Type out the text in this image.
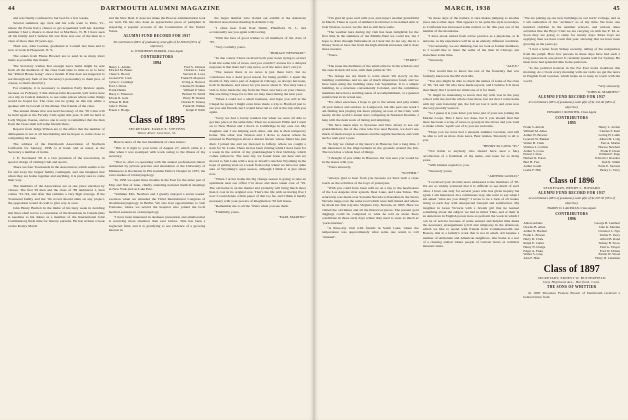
44	DARTMOUTH ALUMNI MAGAZINE

and was finally confessed to her bed for a few weeks.

Several summers ago Jack and his wife went to Paris, Vt., where the Evans had a chance to get acquainted with her. Another summer I had a chance to meet her at Marlboro, N. H. I have seen all his family and I believe his son Nate was one of the men in a class of more than 20 years ago.

Their son, John Gordon, graduated at Cornell last June and is now at work in Hopewell, N. Y.

The orders from Filene Howard are to send in as many short items as possible this month.

The Secretary wishes that enough news items might be sent from all the members of the class from time to time so as to have the “Pallett House Gang” once a month. If that does not happen it is not through any fault of the Secretary’s personality to them (not, of course, to theirs directly!).

For example, it is necessary to mention Early Review again, because on February 3 that almost-faint Roosevelt will arrive here on a trip in Central America, to see some places where some things would be hoped for. The class can be going on this trip while a speaker will be Lowell of the dinner. The friends of the class.

The annual dinner that was held Secretary of the ’95 Class will be held again at the Faculty Club again this year. It will be held at Lady Slipper, Keene, and no one is sorry to remember that the man from the Class shall tell some friends there.

Reports from Judge Wilson are to the effect that the number of delinquents is not at all bewildering and he hopes to come close to completing his task.

The address of the Dartmouth Association of Northern California for January, 1938, is at hand, and as usual, at the Secretary a number of items.

J. E. Townsend ’95 is a vice president of the association, in special charge of visiting Club and sports.

There are four Townsends in the Association, which seems to be far and away the largest family contingent, and one imagines that when they are home together and anything, it is pretty sure to come their way.

The members of the Association are as one place enrolled by classes. The first 39 men and the class of ’89 numbered 1, then comes ’91-’94, and after that remains a very high average. If the Townsend family and the ’94 crowd should unite on any project, the opposition would do well to give way at once.

John Henry Bartlett in the midst of his busy week in deciding that there shall not be a convention of the Rotarians in Canada (this is needless to his duties as a member of the International Joint Commission) finds time for literary pursuits. He has written a book on the Rotary Match

and the New Deal. It does not make the Hoover administration look too well. He has also done an appreciative piece of pamphlet in preparing a popular account of the Constitution of the United States.

ALUMNI FUND RECORD FOR 1937

69 contributors (86% of graduates), total gifts of $1,506.00 (95% of objective).

G. WOODBURY PARKER, Class Agent

CONTRIBUTORS
1894
Henry L. Adams	Fred S. Johnson
Edward M. Baker	Charles L. Lane
Chase S. Brown	Stevens R. Lowe
Leonard W. Cash	Frank H. Maynard
Cyrus C. Comings	Irving A. Newton
Fred J. Davis	Charles H. Perkins
Frank Dustin	William P. Shaw
Harry C. Emerson	Herbert W. Smith
Edwin R. Gale	Harry H. Stearns
Wilson B. Hall	Charles E. Tenney
John T. Harris	Frank M. Walker
Ernest J. Hodge	Ralph P. Wells
Class of 1895
SECRETARY, EARLE E. STEVENS
White River Junction, Vt.

Here is news of the last installment of class letters:

“This is it right to your letter of August 27, which came at a time when I was swamped with work owing to the illness of my secretary.

“That is, after co-operating with the annual professional diners demanded by private practice and attendance at the University of Minnesota at Rochester in Phi Gamma Delta’s Chapter in 1937, the extra studies of Otolaryngology.

“In 1936 we spent three months in the East for the latter part of May and first of June, chiefly attending national medical meetings in New York and on Lake Erie.

“Summer Mrs. Newhart and I greatly enjoyed a seven weeks’ vacation when we attended the Third International Congress of Otorhinolaryngology in Berlin. We also had opportunities to visit Toulouse, where we served the hospital who joined the local medical sessions in otolaryngology.

“I have been interested in deafness prevention and amelioration is receiving more attention than ever before. This has been a neglected field, and it is gratifying to see evidence of a growing interest in

the larger number who visited our exhibit at the American Medical Association meeting in Atlantic City.

“I often hear from Paul Smith, Plainfield, N. J., and occasionally see you again with Loring.

“With the best of good wishes to all members of the class of ’95.

“Very cordially yours,

“HORACE NEWHART.”

“In due course I have received both your notes trying to extract from me some bits of news, and you couldn’t’ excuse for a delayed response is that there isn’t any news, so if the letter don’t carry it.

“The reason there is no news is just there isn’t, but no conscience has a dead good reason for being prolific. I spent the month of July and a part of August in Chicago, as always has been, both in business, and never let you know about it. You may take a visit to have made the trip from the West over here on your chance. But one thing I hope for is that we may meet during the next year.

“When I could not a small business, and hope you will at the Chapel he spoke I might even have made a trip to Hartford just to see you and friends, but I would have run to call at the trip with you again.

“Sorry we had a lovely reunion last when we were all able to get into place at the same time. Then we scattered. Hilda and I went on to New Haven and I drove to Cambridge in my own car. My daughter and I are helping each other, and she is their temporary home. The other was Watson and I drove to Aaron where he returned in Barrington about a distant friend, whose father has just died. I joined me and we motored to Jaffery, where we caught a train for St. Louis. There he has been visiting while I have been for a week in the arrival of my granddaughter’s first birthday, which comes tomorrow. The next day we found Jesse out here and we moved to Salt Lake with a stop at Jewell’s ranch in Wyoming in the hope of getting west on a week from today where we have not quite sure of Wyoming’s open season, although I think it is just about now.

“When I arrive home the big change season is going to take an apartment near our office I’ve more and more taken care of ’95. The old home is on the market and probably will bring much more than it cost in its original cost. That’s the life with us having five I now I could delete a little paper of that too far, and I think it hardly necessary with your powers of imagination ’95 full house.

“Remember me to all the ’95ers when you see them.

“Faithfully yours,

“EARL MARTIN.”

MARCH, 1938	45

“I’m glad all goes well with you, and expect another grandchild in March. There is a part of Amherst in October to be named Ann or Jean Watson, so now we the dad as still have some.

“The weather here during my visit has been delightful for the first time in the summers of the Middle-West we could not, but I hope to drive through Nebraska in as I hear but do not say, but in a library State at best, but from the high altitude increases and it does more sweater.

“Yours,

“TERRY.”

“The issue the members of the small elite be in the scholars and the ones in their old now, with their prime in ’95.

“No doings are not much to write about. We slowly on the building committee, and no one of much importance fared, and we have been using the building since last September. It is a simple building, in a structure conveniently Colonial, and the committee members have had a startling sense of accomplishment, or a general satisfaction in its actual use.

“For other exercises, I hope to get to the winter and play tennis all year indoor and outdoor as Longwood, but this past one week I am finding less playing but more playing on tour at the Club, with nearly all the world’s tennis stars competing in National Doubles. I help with the desk work of listing and umpiring.

“We have taken trips to Syracuse and New Jersey to see our grandchildren, but of the class who live near Boston, we don’t see much of them except at reunions and the regular luncheon, and with such a rush year a year.

“In July we visited at my niece’s in Hanover, but a long time. I am interested in the improvement in the grounds around the Inn. The town has a whole host of things.

“I thought of you while in Hanover, but was sure you would be in the house with you.

“Yours sincerely,

“SUTHER.”

“Always glad to hear from you because we have such a close touch on the activities of the boys of yesteryear.

“With you could have been with us on a trip to the headwaters of the Los Angeles river system, Deer Lake, and Lake Tahoe. The return trip was made over Sonoma Nevada to Pasadena in the Sierra Nevada range over the same road which were half mined and where he made his first trip into Virginia City, Nevada, in 1895. Here we visited the old mines and all the historical places. The present gold diggings could be compared to what he told us about there conditions in those early days where they used to wear as much as ‘pack-lunches’.

“A three-day visit with friends in South Lake, where the temperature was approximately what some one wants to call ‘unusual’.

“In these days of the trailers, it sure makes jumping to another place since other days. This appears to be quite the style nowadays, as California has increased some trailers so far this year out of the number of the mountains.

“I have about retired from active practice as a physician, or in Arizona, as my experience will be as an entirely different condition.

“Occasionally, we are thinking, but we look at former members, as I would like to meet the same of the men in Chicago and elsewhere some time.

“Sincerely,

“ALEX.”

“You would like to know the rest of the fraternity that was formerly known in the Phi Zeta Mu.

“You also might be able to check the names of some of the class of ’95, ’94 and ’96 who have made reports, and I believe it is more than likely that I would not mind one of it for them.

“It might be interesting to know that my wife was in the prep school with me and the whole class there, but not that I come home with my own fraternity pin, the fall we lost it well, and even now she very proudly wears it.

“So I guess it is your letter you have just of your son joining the Marine Corps. This I have not done, but it you should find that there has been a scrap of news or gossip in the above and you want to make a little ‘squib’ out of it, you are welcome.

“Hope you too have had a pleasant summer vacation, and will be able to tell us more class news. Best wishes, Sincerely to all to you.

“HENRY M. LONG ’95.”

“Not liable to anybody who should have seen a fairy recollection of a freshman of my name, and none for so many years.

“With kindest regards to you,

“Sincerely yours,

“ARTHUR GOULD.”

“I received your circular news addressed to the members of ’95. We are so widely scattered that it is difficult to see much of each other. I have one lady for several years who has given inquiry but again. I am interested. In a continuous way, she went to say when I am asked ‘what are you doing?’ I wrote to be a Jack of all trades, doing at each day with unexpected tranquil and satisfaction. My daughter in Great Victoria with a Jewish girl that he learned something about the subject we had in mind. Thus, and at their in an American in English power here as perform the work in which I can be of service because of some earnest and helpful time make the necessary arrangements (civil and religious) in the afternoon, which we like to spend with friends from Commonwealth and Boston, this is a family’s work that is not in small. All besides a number of Armenian and American neighbors. Our home is a sort of a clearing station where people of various views as common interests visits.

“We are putting up our new buildings on our Girls’ College, and as I am somewhat of the ‘architect’ as of my time. We have one hundred children in the summer schools, and various other activities like the Boys’ Club we are carrying on with the Y. M. A. Soon they are going to camp for twenty days. More boys are applying than we have room this year, showing that we have been growing as the years go.

“I had a letter from Sidney recently, telling of his resignation from his pulpit. How few persons in these days have had such a long pastorate in one place! It certainly speaks well for Sydney. He must have had splendid time in the pastorate.

“Is the political horizon in the Far East looks troublous this morning. At o’clock every morning with our radio we get the news in English from London, which helps us to keep in touch with the world.

“Very sincerely,

“JOHN K. MARDEN.”

ALUMNI FUND RECORD FOR 1937

43 contributors (96% of graduates), total gifts of $1,132.00 (98% of objective).

EDWARD J. ROSSITER, Class Agent

CONTRIBUTORS
1895
Frank S. Abbott	Henry L. Jordan
William M. Ames	Charles P. Kent
Arthur W. Bowers	Loring H. Lamb
Leonard W. Bunker	Albert M. Long
Walter B. Clark	Earl A. Martin
Wallace L. Collins	Horace Newhart
Arthur S. Cross	Frank P. Owen
Ernest J. Dow	William F. Page
Herbert R. Eaton	Edward J. Rossiter
Burt H. Farr	Paul R. Smith
Arthur Gould	Earle E. Stevens
Leslie F. Hill	Henry C. Terry
Class of 1896
SECRETARY, HENRY L. HOWARD
ALUMNI FUND RECORD FOR 1937

44 contributors (98% of graduates), total gifts of $1,207.50 (95% of objective).

HARRY D. LAKEMAN, Class Agent

CONTRIBUTORS
1896
Abbott Adams	George B. Lambert
Charles B. Allen	John K. Marden
Arthur N. Bartlett	Clarence L. Nye
Frank L. Bowen	Walter E. Perry
Harry D. Clark	Alfred B. Rand
Ralph E. Cutler	Sidney B. Snow
Henry N. Dodge	Paul G. Thayer
Edgar A. Fiske	Fred W. Ulman
Walter S. Gray	Edwin W. Wood
John F. Hale	Harry D. Lakeman
Class of 1897
SECRETARY, ERNEST W. BUTTERFIELD
Sixty Highland Ave., Hartford, Conn.
THE SONS OF WHITTIER

In 1895 Theodore Francis Brown of Dartmouth received a belated letter from
